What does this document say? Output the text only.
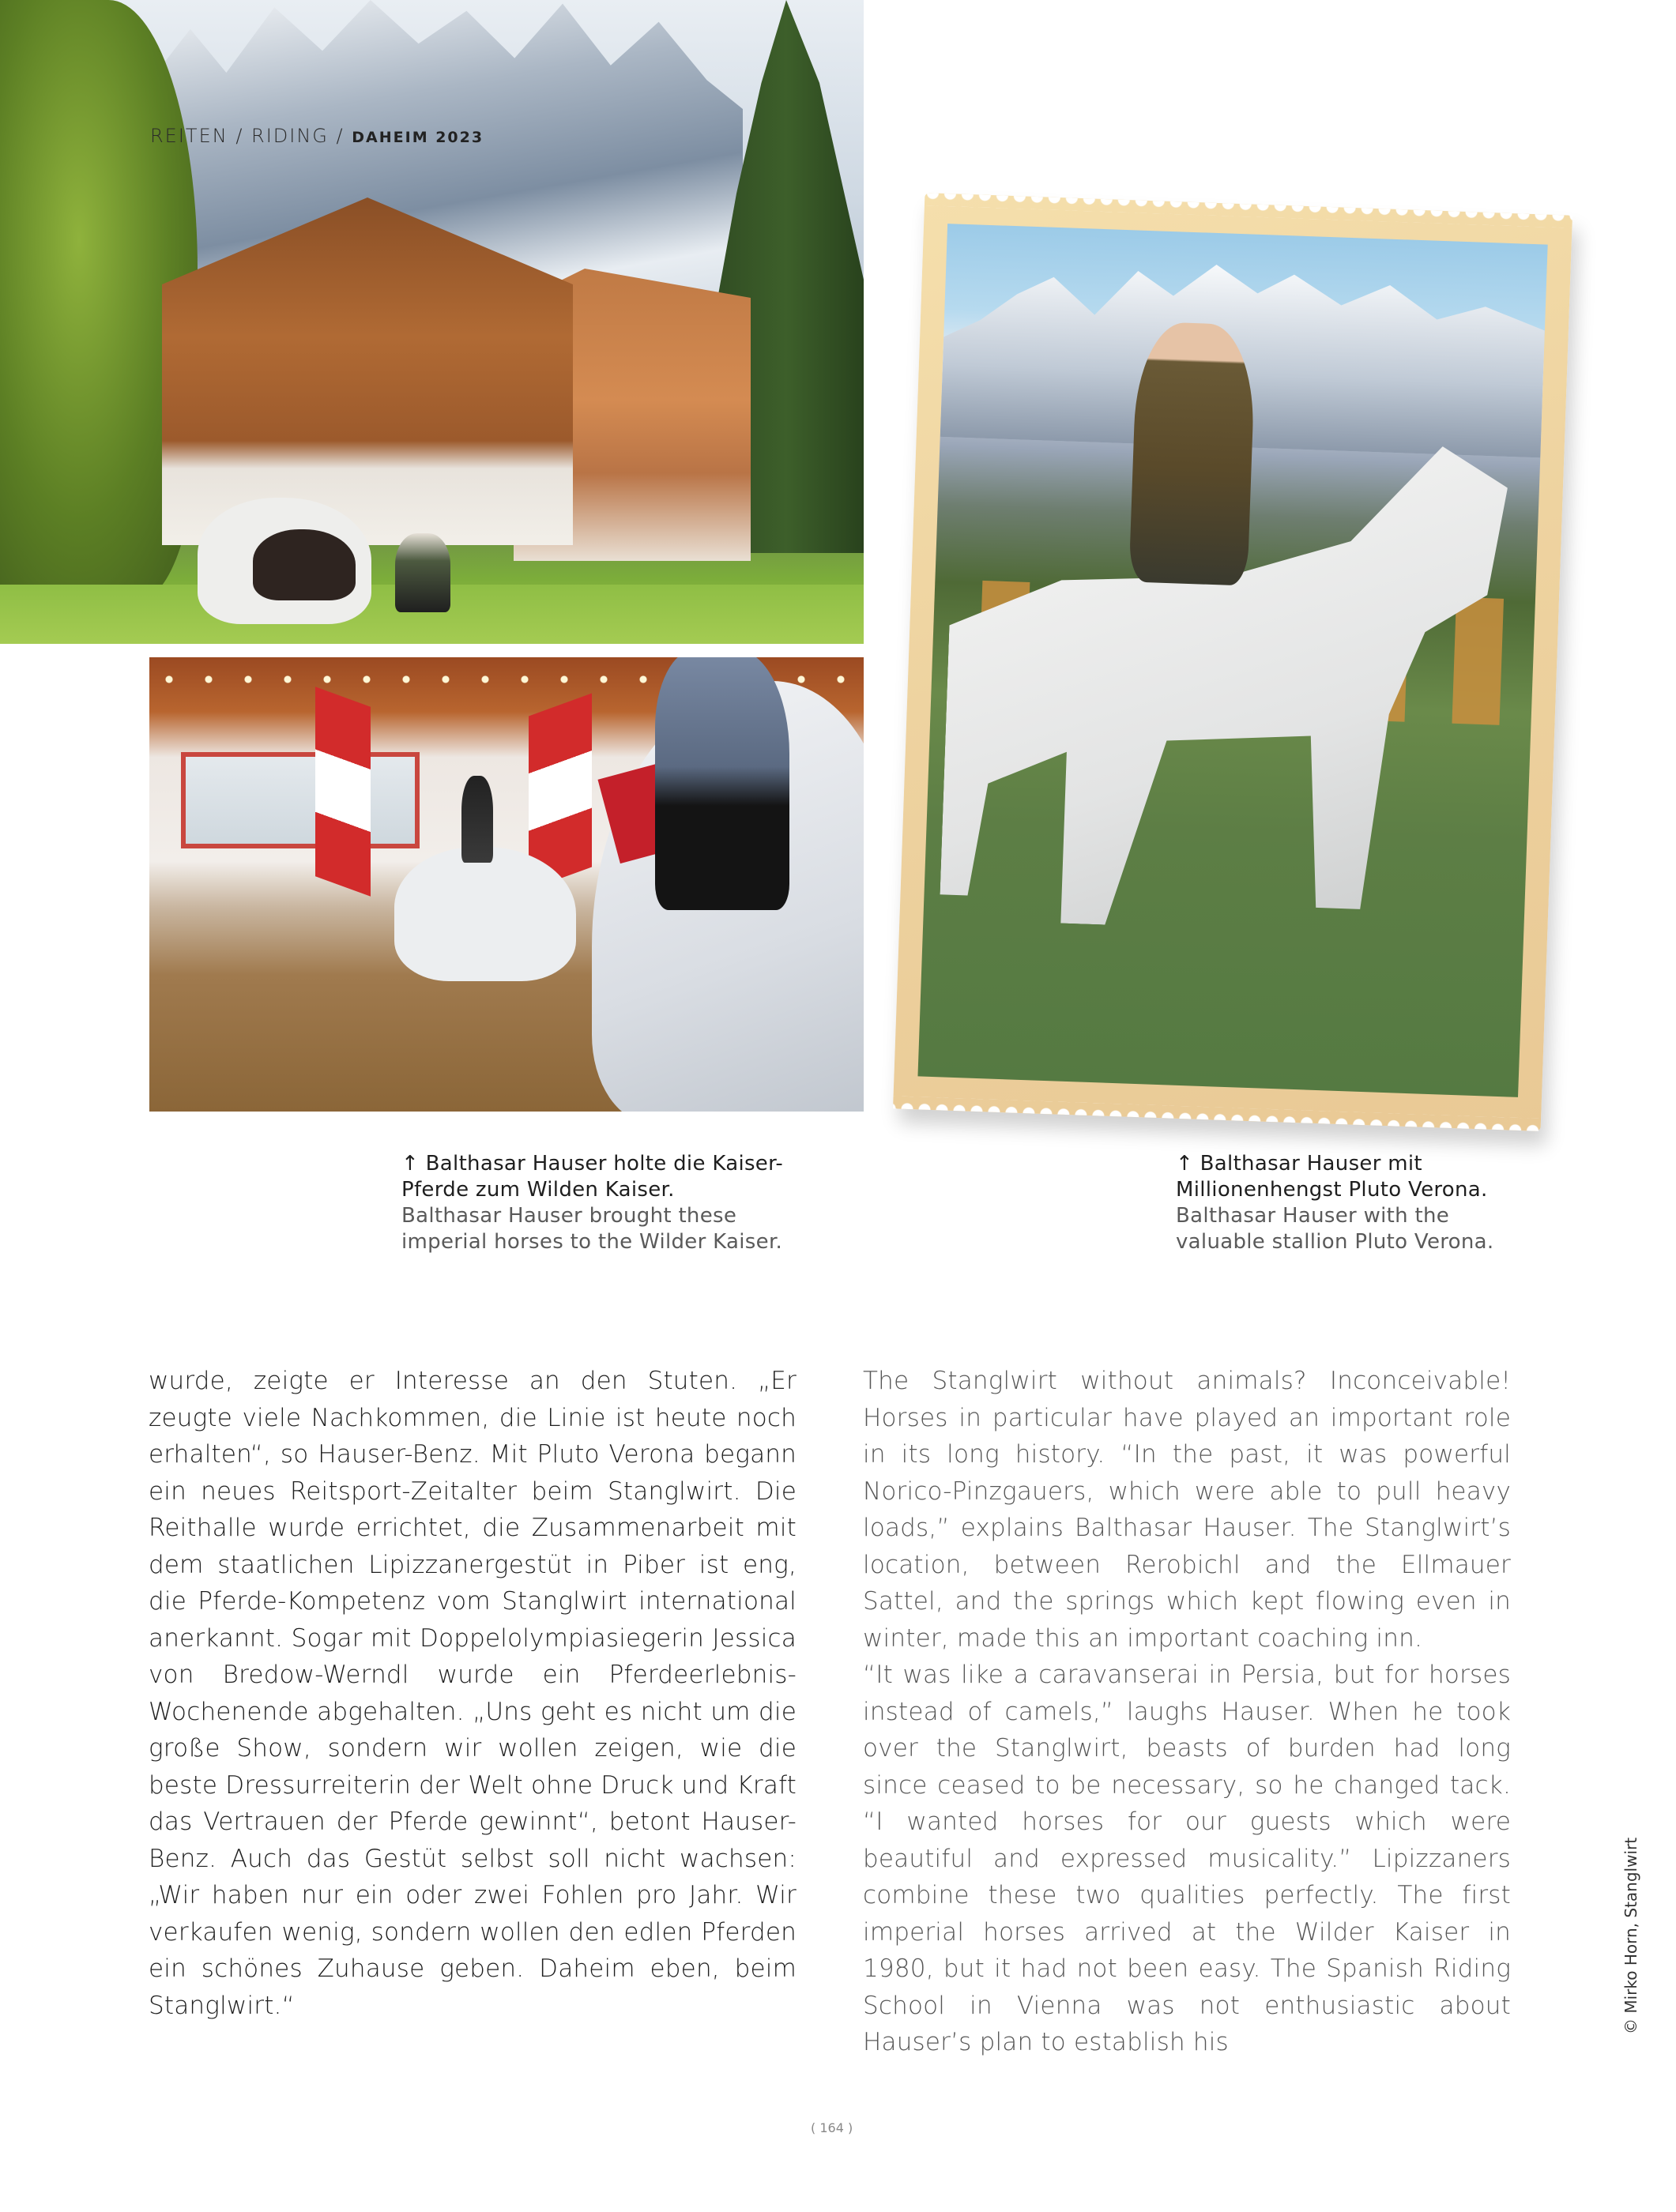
REITEN / RIDING / DAHEIM 2023
↑ Balthasar Hauser holte die Kaiser-Pferde zum Wilden Kaiser.
Balthasar Hauser brought these imperial horses to the Wilder Kaiser.
↑ Balthasar Hauser mit Millionenhengst Pluto Verona.
Balthasar Hauser with the valuable stallion Pluto Verona.

wurde, zeigte er Interesse an den Stuten. „Er zeugte viele Nachkommen, die Linie ist heute noch erhalten“, so Hauser-Benz. Mit Pluto Verona begann ein neues Reitsport-Zeitalter beim Stanglwirt. Die Reithalle wurde errichtet, die Zusammenarbeit mit dem staatlichen Lipizzanergestüt in Piber ist eng, die Pferde-Kompetenz vom Stanglwirt international anerkannt. Sogar mit Doppelolympiasiegerin Jessica von Bredow-Werndl wurde ein Pferdeerlebnis-Wochenende abgehalten. „Uns geht es nicht um die große Show, sondern wir wollen zeigen, wie die beste Dressurreiterin der Welt ohne Druck und Kraft das Vertrauen der Pferde gewinnt“, betont Hauser-Benz. Auch das Gestüt selbst soll nicht wachsen: „Wir haben nur ein oder zwei Fohlen pro Jahr. Wir verkaufen wenig, sondern wollen den edlen Pferden ein schönes Zuhause geben. Daheim eben, beim Stanglwirt.“

The Stanglwirt without animals? Inconceivable! Horses in particular have played an important role in its long history. “In the past, it was powerful Norico-Pinzgauers, which were able to pull heavy loads,” explains Balthasar Hauser. The Stanglwirt’s location, between Rerobichl and the Ellmauer Sattel, and the springs which kept flowing even in winter, made this an important coaching inn.

“It was like a caravanserai in Persia, but for horses instead of camels,” laughs Hauser. When he took over the Stanglwirt, beasts of burden had long since ceased to be necessary, so he changed tack. “I wanted horses for our guests which were beautiful and expressed musicality.” Lipizzaners combine these two qualities perfectly. The first imperial horses arrived at the Wilder Kaiser in 1980, but it had not been easy. The Spanish Riding School in Vienna was not enthusiastic about Hauser’s plan to establish his

© Mirko Horn, Stanglwirt
( 164 )
